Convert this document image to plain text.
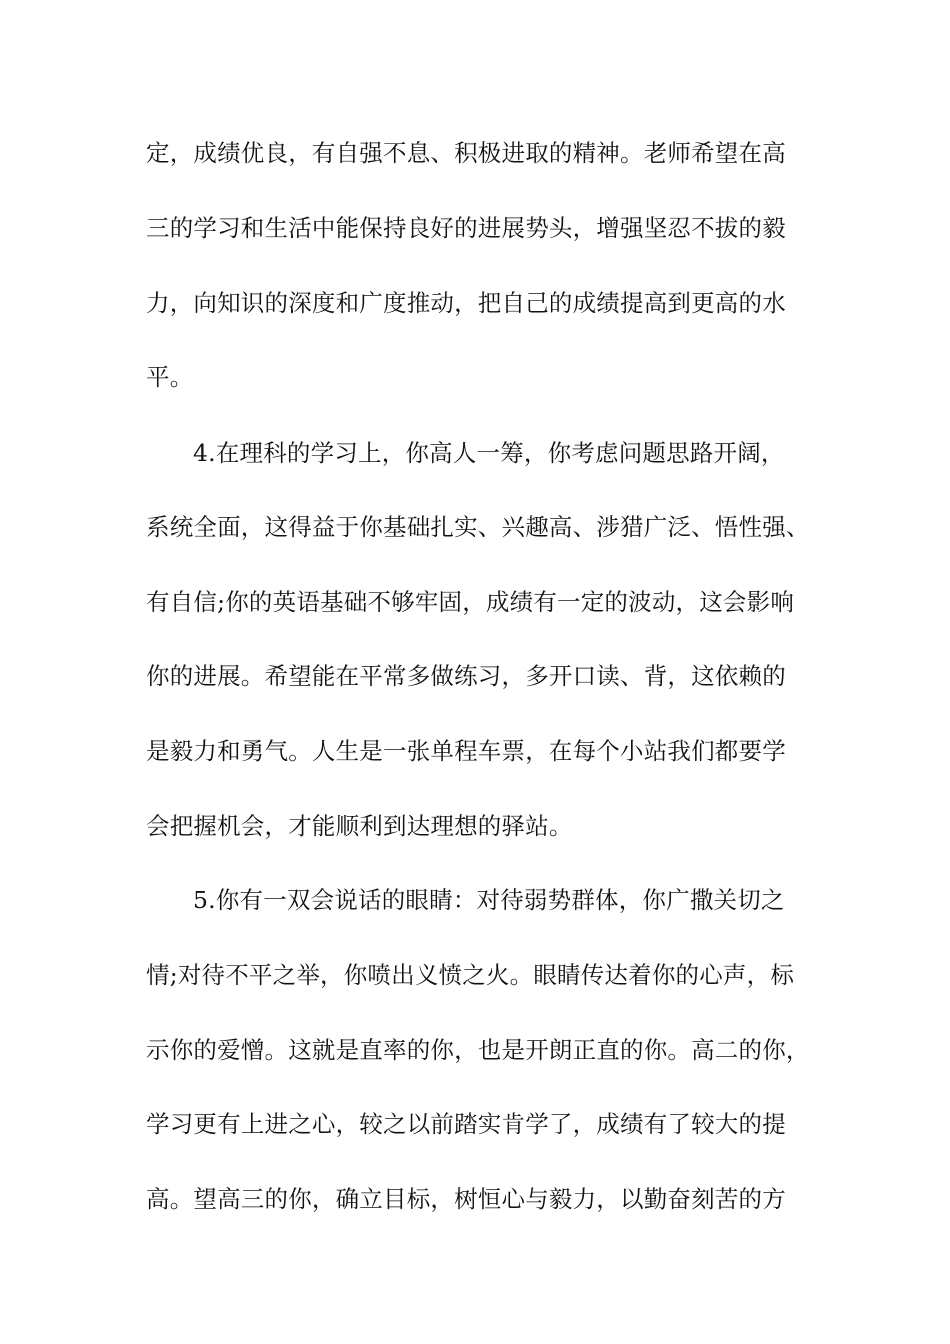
定，成绩优良，有自强不息、积极进取的精神。老师希望在高
三的学习和生活中能保持良好的进展势头，增强坚忍不拔的毅
力，向知识的深度和广度推动，把自己的成绩提高到更高的水
平。
4.在理科的学习上，你高人一筹，你考虑问题思路开阔，
系统全面，这得益于你基础扎实、兴趣高、涉猎广泛、悟性强、
有自信;你的英语基础不够牢固，成绩有一定的波动，这会影响
你的进展。希望能在平常多做练习，多开口读、背，这依赖的
是毅力和勇气。人生是一张单程车票，在每个小站我们都要学
会把握机会，才能顺利到达理想的驿站。
5.你有一双会说话的眼睛：对待弱势群体，你广撒关切之
情;对待不平之举，你喷出义愤之火。眼睛传达着你的心声，标
示你的爱憎。这就是直率的你，也是开朗正直的你。高二的你，
学习更有上进之心，较之以前踏实肯学了，成绩有了较大的提
高。望高三的你，确立目标，树恒心与毅力，以勤奋刻苦的方
